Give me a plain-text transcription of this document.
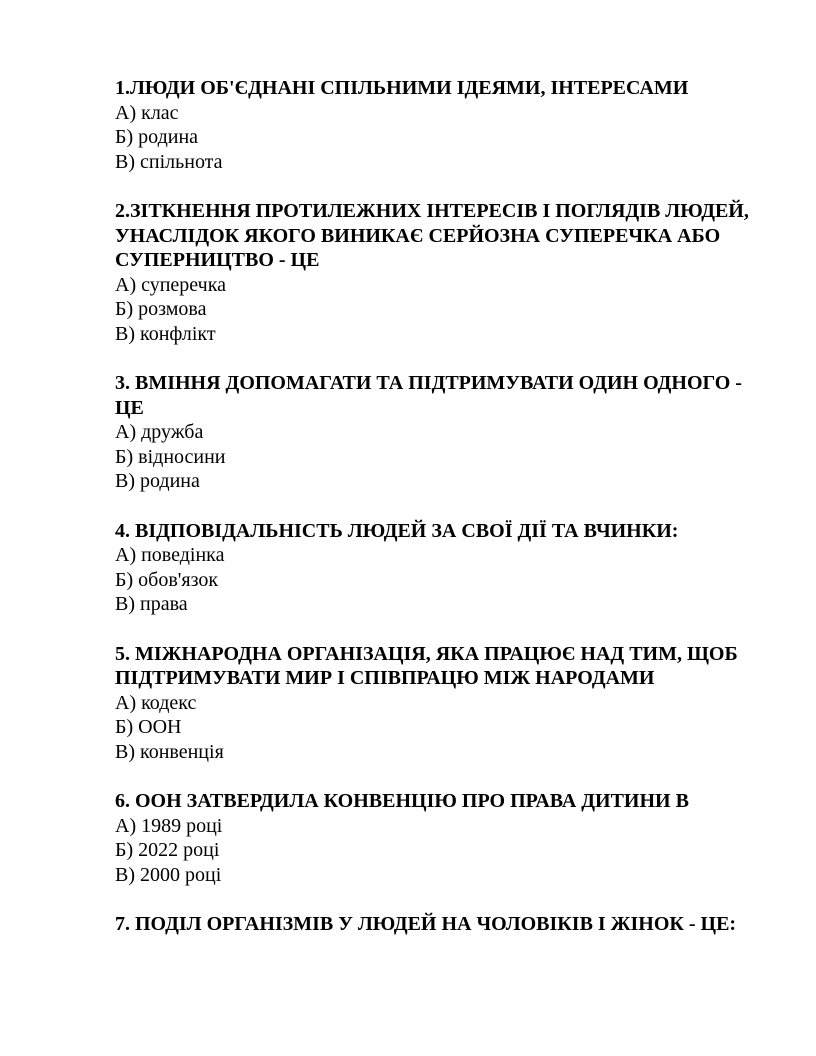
1.ЛЮДИ ОБ'ЄДНАНІ СПІЛЬНИМИ ІДЕЯМИ, ІНТЕРЕСАМИ

А) клас
Б) родина
В) спільнота

2.ЗІТКНЕННЯ ПРОТИЛЕЖНИХ ІНТЕРЕСІВ І ПОГЛЯДІВ ЛЮДЕЙ, УНАСЛІДОК ЯКОГО ВИНИКАЄ СЕРЙОЗНА СУПЕРЕЧКА АБО СУПЕРНИЦТВО - ЦЕ

А) суперечка
Б) розмова
В) конфлікт

3. ВМІННЯ ДОПОМАГАТИ ТА ПІДТРИМУВАТИ ОДИН ОДНОГО - ЦЕ

А) дружба
Б) відносини
В) родина

4. ВІДПОВІДАЛЬНІСТЬ ЛЮДЕЙ ЗА СВОЇ ДІЇ ТА ВЧИНКИ:

А) поведінка
Б) обов'язок
В) права

5. МІЖНАРОДНА ОРГАНІЗАЦІЯ, ЯКА ПРАЦЮЄ НАД ТИМ, ЩОБ ПІДТРИМУВАТИ МИР І СПІВПРАЦЮ МІЖ НАРОДАМИ

А) кодекс
Б) ООН
В) конвенція

6. ООН ЗАТВЕРДИЛА КОНВЕНЦІЮ ПРО ПРАВА ДИТИНИ В

А) 1989 році
Б) 2022 році
В) 2000 році

7. ПОДІЛ ОРГАНІЗМІВ У ЛЮДЕЙ НА ЧОЛОВІКІВ І ЖІНОК - ЦЕ:
